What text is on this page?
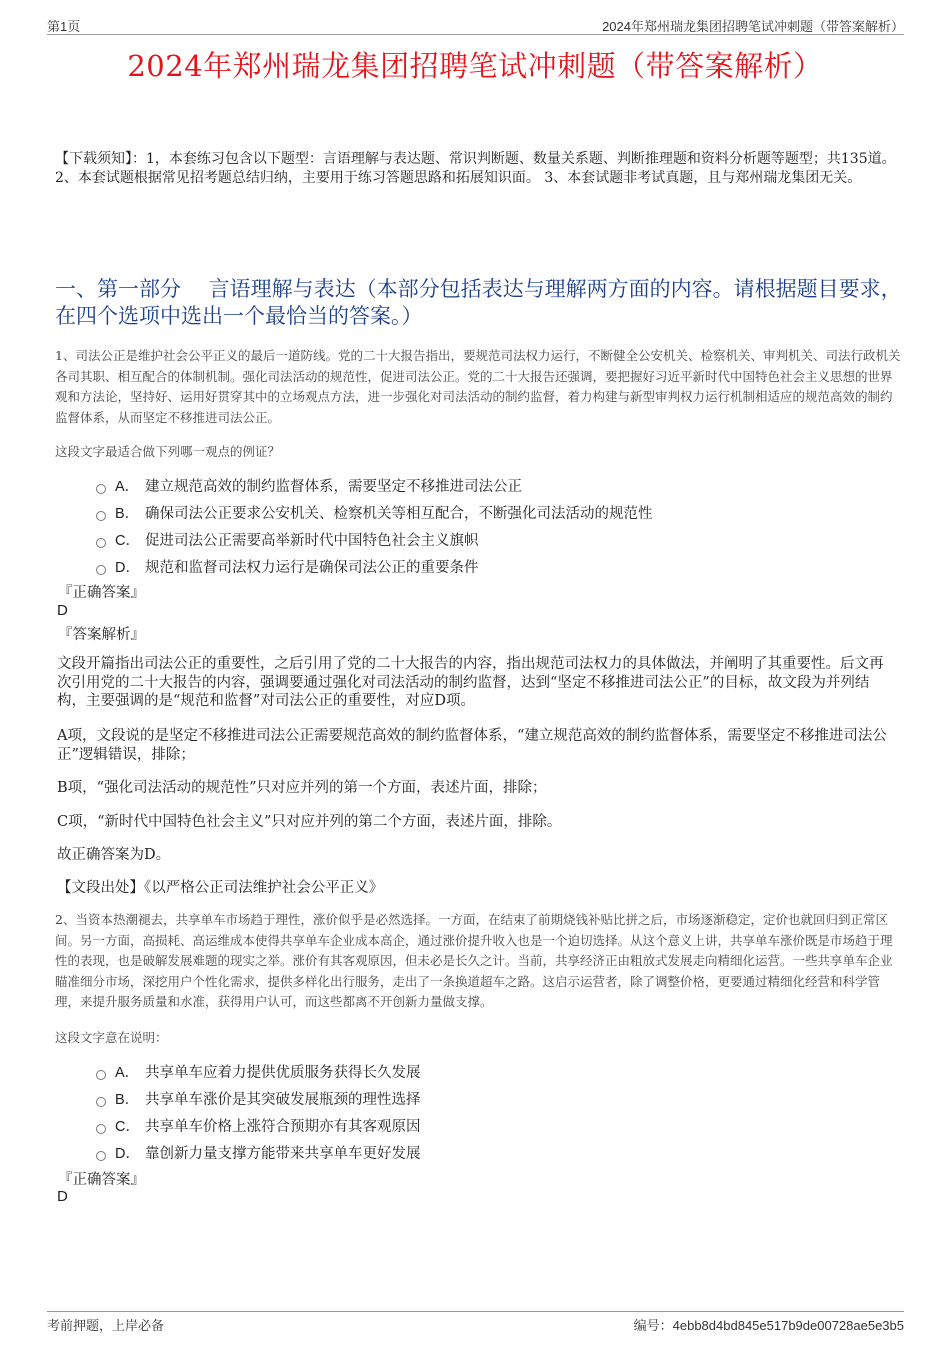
第1页	2024年郑州瑞龙集团招聘笔试冲刺题（带答案解析）
2024年郑州瑞龙集团招聘笔试冲刺题（带答案解析）
【下载须知】：1，本套练习包含以下题型：言语理解与表达题、常识判断题、数量关系题、判断推理题和资料分析题等题型；共135道。 2、本套试题根据常见招考题总结归纳，主要用于练习答题思路和拓展知识面。 3、本套试题非考试真题，且与郑州瑞龙集团无关。
一、第一部分　 言语理解与表达（本部分包括表达与理解两方面的内容。请根据题目要求，在四个选项中选出一个最恰当的答案。）
1、司法公正是维护社会公平正义的最后一道防线。党的二十大报告指出，要规范司法权力运行，不断健全公安机关、检察机关、审判机关、司法行政机关各司其职、相互配合的体制机制。强化司法活动的规范性，促进司法公正。党的二十大报告还强调，要把握好习近平新时代中国特色社会主义思想的世界观和方法论，坚持好、运用好贯穿其中的立场观点方法，进一步强化对司法活动的制约监督，着力构建与新型审判权力运行机制相适应的规范高效的制约监督体系，从而坚定不移推进司法公正。
这段文字最适合做下列哪一观点的例证？
A． 建立规范高效的制约监督体系，需要坚定不移推进司法公正
B． 确保司法公正要求公安机关、检察机关等相互配合，不断强化司法活动的规范性
C． 促进司法公正需要高举新时代中国特色社会主义旗帜
D． 规范和监督司法权力运行是确保司法公正的重要条件
『正确答案』
D
『答案解析』
文段开篇指出司法公正的重要性，之后引用了党的二十大报告的内容，指出规范司法权力的具体做法，并阐明了其重要性。后文再次引用党的二十大报告的内容，强调要通过强化对司法活动的制约监督，达到“坚定不移推进司法公正”的目标，故文段为并列结构，主要强调的是“规范和监督”对司法公正的重要性，对应D项。
A项，文段说的是坚定不移推进司法公正需要规范高效的制约监督体系，“建立规范高效的制约监督体系，需要坚定不移推进司法公正”逻辑错误，排除；
B项，“强化司法活动的规范性”只对应并列的第一个方面，表述片面，排除；
C项，“新时代中国特色社会主义”只对应并列的第二个方面，表述片面，排除。
故正确答案为D。
【文段出处】《以严格公正司法维护社会公平正义》
2、当资本热潮褪去，共享单车市场趋于理性，涨价似乎是必然选择。一方面，在结束了前期烧钱补贴比拼之后，市场逐渐稳定，定价也就回归到正常区间。另一方面，高损耗、高运维成本使得共享单车企业成本高企，通过涨价提升收入也是一个迫切选择。从这个意义上讲，共享单车涨价既是市场趋于理性的表现，也是破解发展难题的现实之举。涨价有其客观原因，但未必是长久之计。当前，共享经济正由粗放式发展走向精细化运营。一些共享单车企业瞄准细分市场，深挖用户个性化需求，提供多样化出行服务，走出了一条换道超车之路。这启示运营者，除了调整价格，更要通过精细化经营和科学管理，来提升服务质量和水准，获得用户认可，而这些都离不开创新力量做支撑。
这段文字意在说明：
A． 共享单车应着力提供优质服务获得长久发展
B． 共享单车涨价是其突破发展瓶颈的理性选择
C． 共享单车价格上涨符合预期亦有其客观原因
D． 靠创新力量支撑方能带来共享单车更好发展
『正确答案』
D
考前押题，上岸必备	编号：4ebb8d4bd845e517b9de00728ae5e3b5
